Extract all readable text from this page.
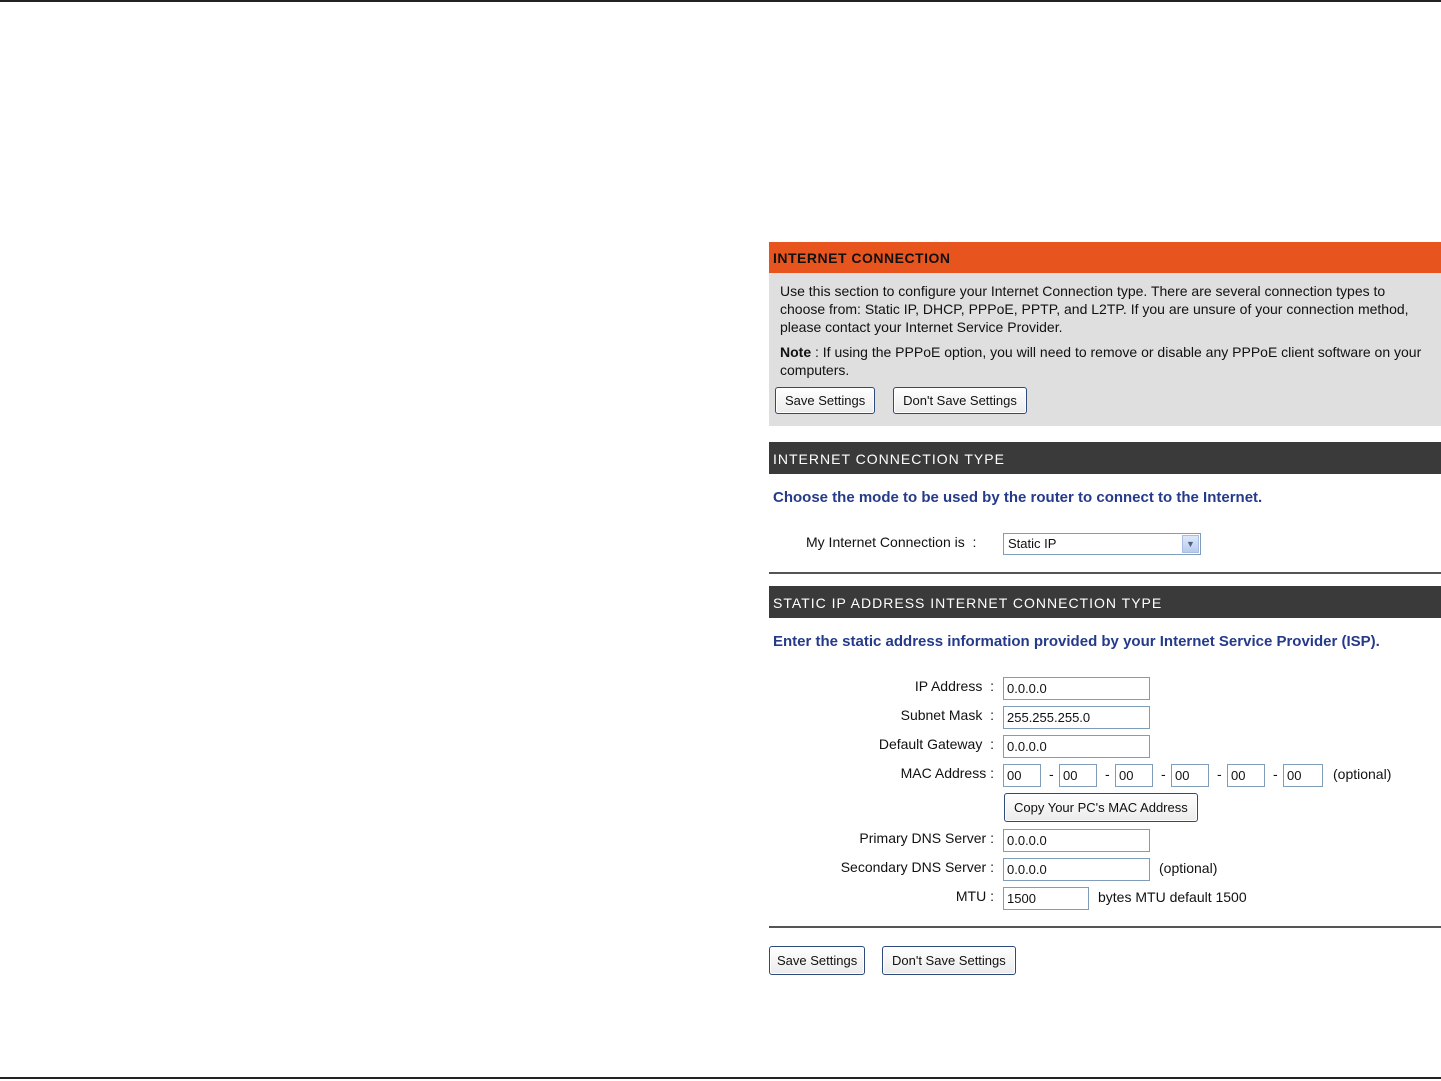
INTERNET CONNECTION

Use this section to configure your Internet Connection type. There are several connection types to choose from: Static IP, DHCP, PPPoE, PPTP, and L2TP. If you are unsure of your connection method, please contact your Internet Service Provider.

Note : If using the PPPoE option, you will need to remove or disable any PPPoE client software on your computers.

Save Settings	Don't Save Settings
INTERNET CONNECTION TYPE
Choose the mode to be used by the router to connect to the Internet.
My Internet Connection is :	Static IP	▼
STATIC IP ADDRESS INTERNET CONNECTION TYPE
Enter the static address information provided by your Internet Service Provider (ISP).
IP Address :	0.0.0.0
Subnet Mask :	255.255.255.0
Default Gateway :	0.0.0.0
MAC Address :	00	- 00	- 00	- 00	- 00	- 00	(optional)
Copy Your PC's MAC Address
Primary DNS Server :	0.0.0.0
Secondary DNS Server :	0.0.0.0	(optional)
MTU :	1500	bytes MTU default 1500
Save Settings	Don't Save Settings
